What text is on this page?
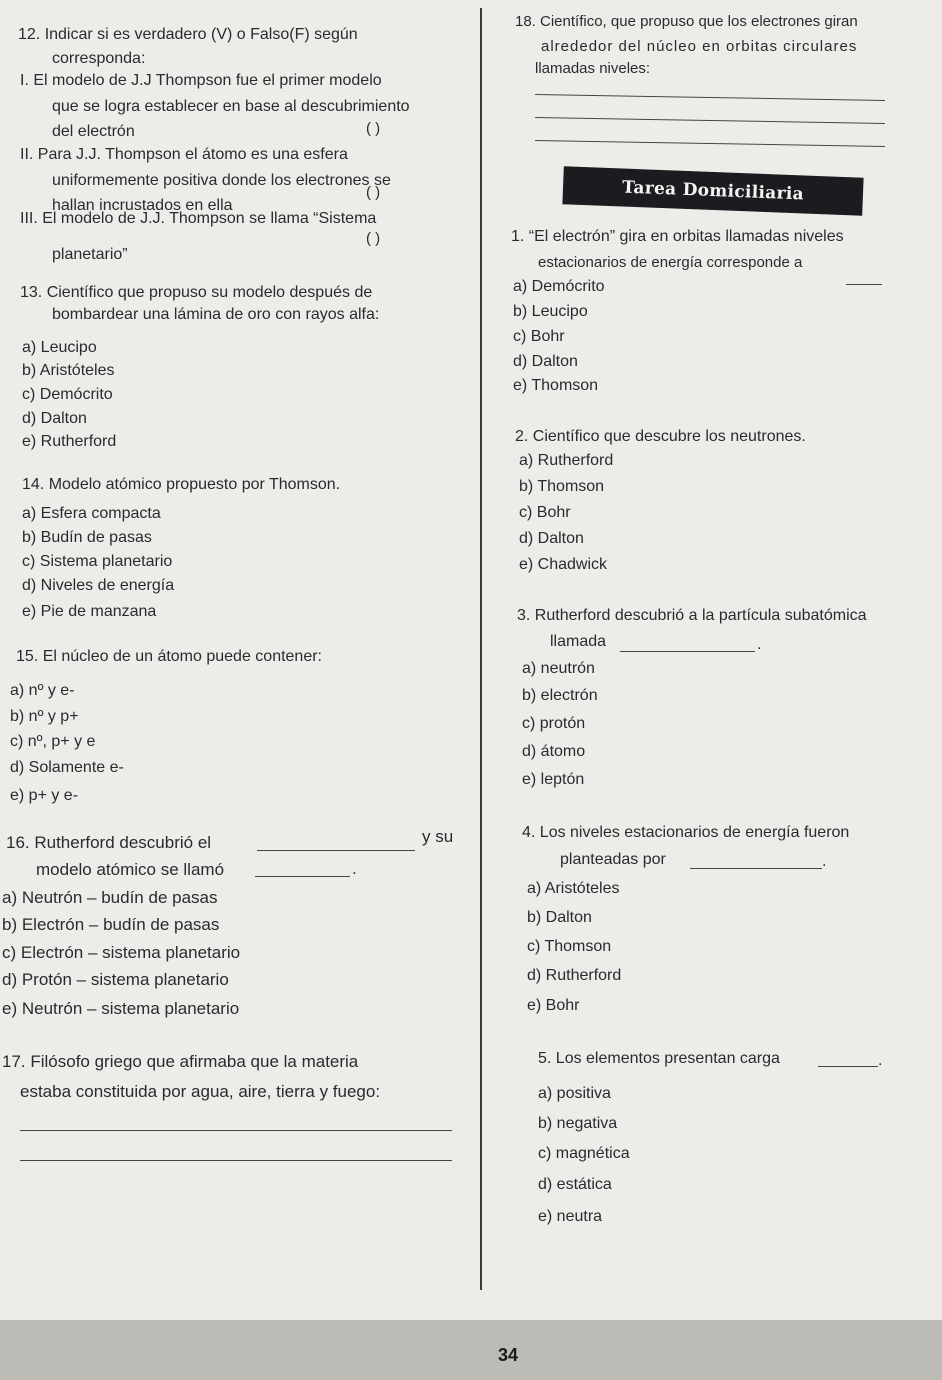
12. Indicar si es verdadero (V) o Falso(F) según
corresponda:
I. El modelo de J.J Thompson fue el primer modelo
que se logra establecer en base al descubrimiento
del electrón	( )
II. Para J.J. Thompson el átomo es una esfera
uniformemente positiva donde los electrones se
hallan incrustados en ella
( )
III. El modelo de J.J. Thompson se llama “Sistema
planetario”
( )
13. Científico que propuso su modelo después de
bombardear una lámina de oro con rayos alfa:
a) Leucipo
b) Aristóteles
c) Demócrito
d) Dalton
e) Rutherford
14. Modelo atómico propuesto por Thomson.
a) Esfera compacta
b) Budín de pasas
c) Sistema planetario
d) Niveles de energía
e) Pie de manzana
15. El núcleo de un átomo puede contener:
a) nº y e-
b) nº y p+
c) nº, p+ y e
d) Solamente e-
e) p+ y e-
16. Rutherford descubrió el	y su
modelo atómico se llamó	.
a) Neutrón – budín de pasas
b) Electrón – budín de pasas
c) Electrón – sistema planetario
d) Protón – sistema planetario
e) Neutrón – sistema planetario
17. Filósofo griego que afirmaba que la materia
estaba constituida por agua, aire, tierra y fuego:
18. Científico, que propuso que los electrones giran
alrededor del núcleo en orbitas circulares
llamadas niveles:
Tarea Domiciliaria
1. “El electrón” gira en orbitas llamadas niveles
estacionarios de energía corresponde a
a) Demócrito
b) Leucipo
c) Bohr
d) Dalton
e) Thomson
2. Científico que descubre los neutrones.
a) Rutherford
b) Thomson
c) Bohr
d) Dalton
e) Chadwick
3. Rutherford descubrió a la partícula subatómica
llamada	.
a) neutrón
b) electrón
c) protón
d) átomo
e) leptón
4. Los niveles estacionarios de energía fueron
planteadas por	.
a) Aristóteles
b) Dalton
c) Thomson
d) Rutherford
e) Bohr
5. Los elementos presentan carga	.
a) positiva
b) negativa
c) magnética
d) estática
e) neutra
34
